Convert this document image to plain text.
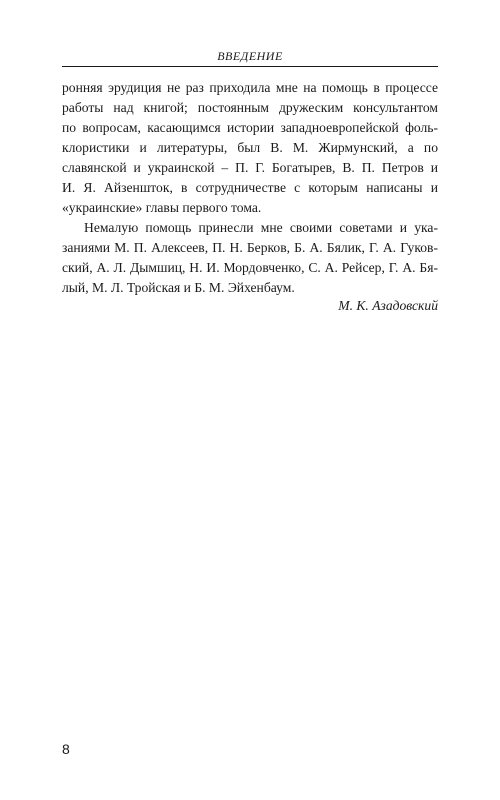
ВВЕДЕНИЕ
ронняя эрудиция не раз приходила мне на помощь в процессе
работы над книгой; постоянным дружеским консультантом
по вопросам, касающимся истории западноевропейской фоль-
клористики и литературы, был В. М. Жирмунский, а по
славянской и украинской – П. Г. Богатырев, В. П. Петров и
И. Я. Айзеншток, в сотрудничестве с которым написаны и
«украинские» главы первого тома.
Немалую помощь принесли мне своими советами и ука-
заниями М. П. Алексеев, П. Н. Берков, Б. А. Бялик, Г. А. Гуков-
ский, А. Л. Дымшиц, Н. И. Мордовченко, С. А. Рейсер, Г. А. Бя-
лый, М. Л. Тройская и Б. М. Эйхенбаум.
М. К. Азадовский
8
